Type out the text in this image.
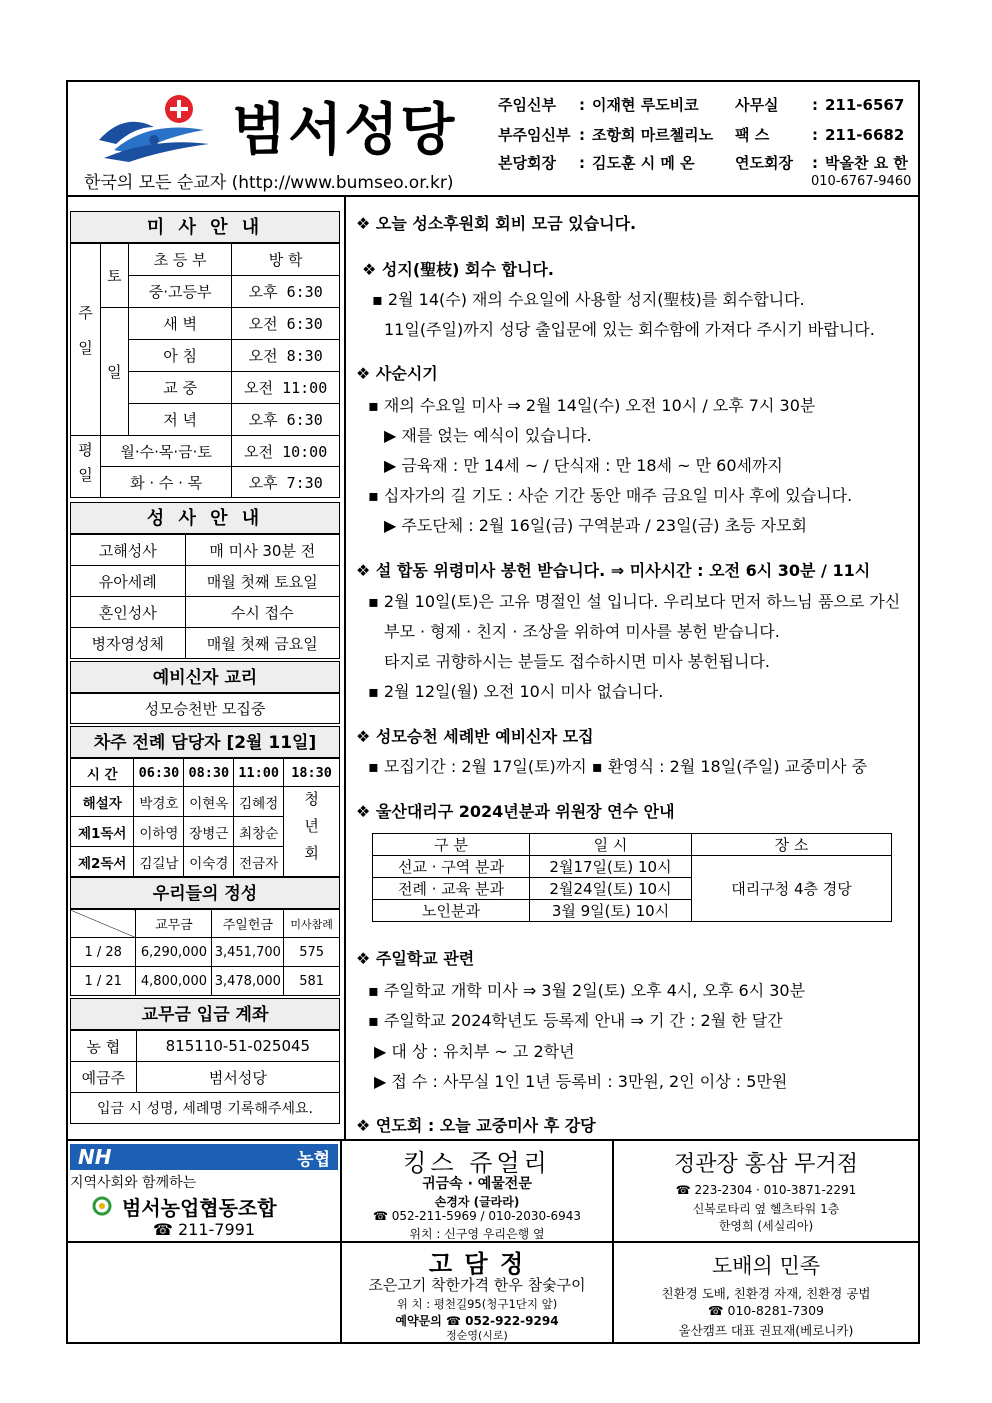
범서성당
한국의 모든 순교자 (http://www.bumseo.or.kr)
주임신부 : 이재현 루도비코
부주임신부 : 조항희 마르첼리노
본당회장 : 김도훈 시 메 온
사무실 : 211-6567
팩 스	: 211-6682
연도회장 : 박올찬 요 한
010-6767-9460
미 사 안 내
주일	토	초 등 부	방 학
		중·고등부	오후 6:30
	일	새 벽	오전 6:30
		아 침	오전 8:30
		교 중	오전 11:00
		저 녁	오후 6:30
평일	월·수·목·금·토		오전 10:00
	화 · 수 · 목		오후 7:30
성 사 안 내
고해성사	매 미사 30분 전
유아세례	매월 첫째 토요일
혼인성사	수시 접수
병자영성체	매월 첫째 금요일
예비신자 교리
성모승천반 모집중
차주 전례 담당자 [2월 11일]
시 간	06:30	08:30	11:00	18:30
해설자	박경호	이현옥	김혜정	청년회
제1독서	이하영	장병근	최창순	
제2독서	김길남	이숙경	전금자	
우리들의 정성
	교무금	주일헌금	미사참례
1 / 28	6,290,000	3,451,700	575
1 / 21	4,800,000	3,478,000	581
교무금 입금 계좌
농 협	815110-51-025045
예금주	범서성당
입금 시 성명, 세례명 기록해주세요.	
❖ 오늘 성소후원회 회비 모금 있습니다.
❖ 성지(聖枝) 회수 합니다.
▪ 2월 14(수) 재의 수요일에 사용할 성지(聖枝)를 회수합니다.
11일(주일)까지 성당 출입문에 있는 회수함에 가져다 주시기 바랍니다.
❖ 사순시기
▪ 재의 수요일 미사 ⇒ 2월 14일(수) 오전 10시 / 오후 7시 30분
▶ 재를 얹는 예식이 있습니다.
▶ 금육재 : 만 14세 ~ / 단식재 : 만 18세 ~ 만 60세까지
▪ 십자가의 길 기도 : 사순 기간 동안 매주 금요일 미사 후에 있습니다.
▶ 주도단체 : 2월 16일(금) 구역분과 / 23일(금) 초등 자모회
❖ 설 합동 위령미사 봉헌 받습니다. ⇒ 미사시간 : 오전 6시 30분 / 11시
▪ 2월 10일(토)은 고유 명절인 설 입니다. 우리보다 먼저 하느님 품으로 가신
부모 · 형제 · 친지 · 조상을 위하여 미사를 봉헌 받습니다.
타지로 귀향하시는 분들도 접수하시면 미사 봉헌됩니다.
▪ 2월 12일(월) 오전 10시 미사 없습니다.
❖ 성모승천 세례반 예비신자 모집
▪ 모집기간 : 2월 17일(토)까지 ▪ 환영식 : 2월 18일(주일) 교중미사 중
❖ 울산대리구 2024년분과 위원장 연수 안내
구 분	일 시	장 소
선교 · 구역 분과	2월17일(토) 10시	대리구청 4층 경당
전례 · 교육 분과	2월24일(토) 10시	
노인분과	3월 9일(토) 10시	
❖ 주일학교 관련
▪ 주일학교 개학 미사 ⇒ 3월 2일(토) 오후 4시, 오후 6시 30분
▪ 주일학교 2024학년도 등록제 안내 ⇒ 기 간 : 2월 한 달간
▶ 대 상 : 유치부 ~ 고 2학년
▶ 접 수 : 사무실 1인 1년 등록비 : 3만원, 2인 이상 : 5만원
❖ 연도회 : 오늘 교중미사 후 강당
NH	농협
지역사회와 함께하는
범서농업협동조합
☎ 211-7991
킹스 쥬얼리
귀금속 · 예물전문
손경자 (글라라)
☎ 052-211-5969 / 010-2030-6943
위치 : 신구영 우리은행 옆
정관장 홍삼 무거점
☎ 223-2304 · 010-3871-2291
신복로타리 옆 헬츠타워 1층
한영희 (세실리아)
고 담 정
조은고기 착한가격 한우 참숯구이
위 치 : 평천길95(청구1단지 앞)
예약문의 ☎ 052-922-9294
정순영(시로)
도배의 민족
친환경 도배, 친환경 자재, 친환경 공법
☎ 010-8281-7309
울산캠프 대표 권묘재(베로니카)
